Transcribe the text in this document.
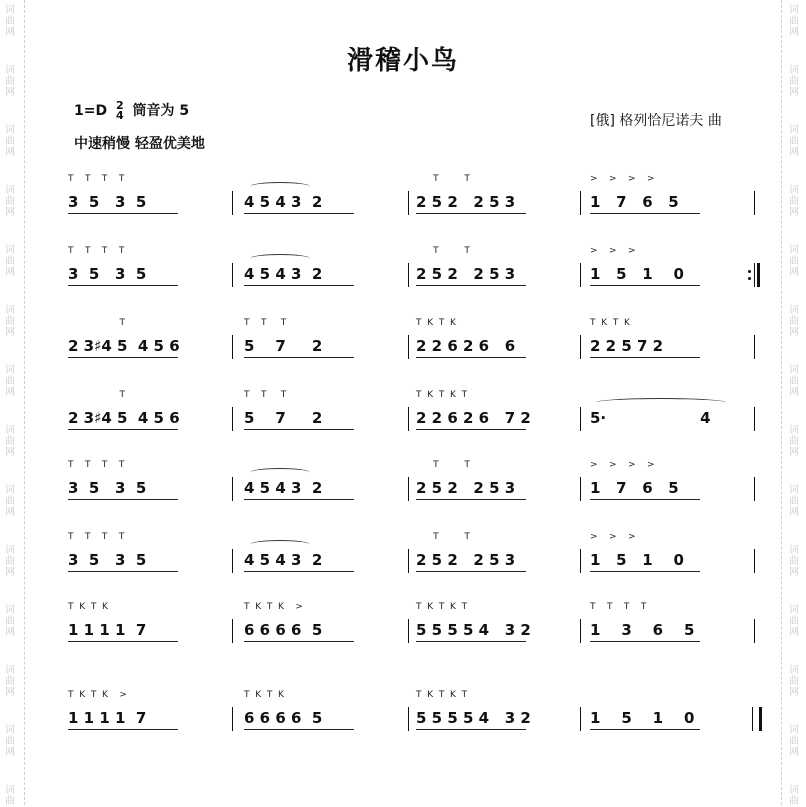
词
曲
网
词
曲
网
词
曲
网
词
曲
网
词
曲
网
词
曲
网
词
曲
网
词
曲
网
词
曲
网
词
曲
网
词
曲
网
词
曲
网
词
曲
网
词
曲
网
词
曲
网
词
曲
网
词
曲
网
词
曲
网
词
曲
网
词
曲
网
词
曲
网
词
曲
网
词
曲
网
词
曲
网
词
曲
网
词
曲
网
词
曲
词
曲
滑稽小鸟
1=D 2
4 筒音为 5
中速稍慢 轻盈优美地
[俄] 格列恰尼诺夫 曲
T    T    T    T
3  5   3  5	4 5 4 3  2
T         T
2 5 2   2 5 3
>    >    >    >
1   7   6   5
T    T    T    T
3  5   3  5	4 5 4 3  2
T         T
2 5 2   2 5 3
>    >    >
1   5   1    0
T
2 3♯4 5  4 5 6
T    T     T
5    7     2
T  K  T  K
2 2 6 2 6   6
T  K  T  K
2 2 5 7 2
T
2 3♯4 5  4 5 6
T    T     T
5    7     2
T  K  T  K  T
2 2 6 2 6   7 2	5·                  4
T    T    T    T
3  5   3  5	4 5 4 3  2
T         T
2 5 2   2 5 3
>    >    >    >
1   7   6   5
T    T    T    T
3  5   3  5	4 5 4 3  2
T         T
2 5 2   2 5 3
>    >    >
1   5   1    0
T  K  T  K
1 1 1 1  7
T  K  T  K    >
6 6 6 6  5
T  K  T  K  T
5 5 5 5 4   3 2
T    T    T    T
1    3    6    5
T  K  T  K    >
1 1 1 1  7
T  K  T  K
6 6 6 6  5
T  K  T  K  T
5 5 5 5 4   3 2	1    5    1    0
